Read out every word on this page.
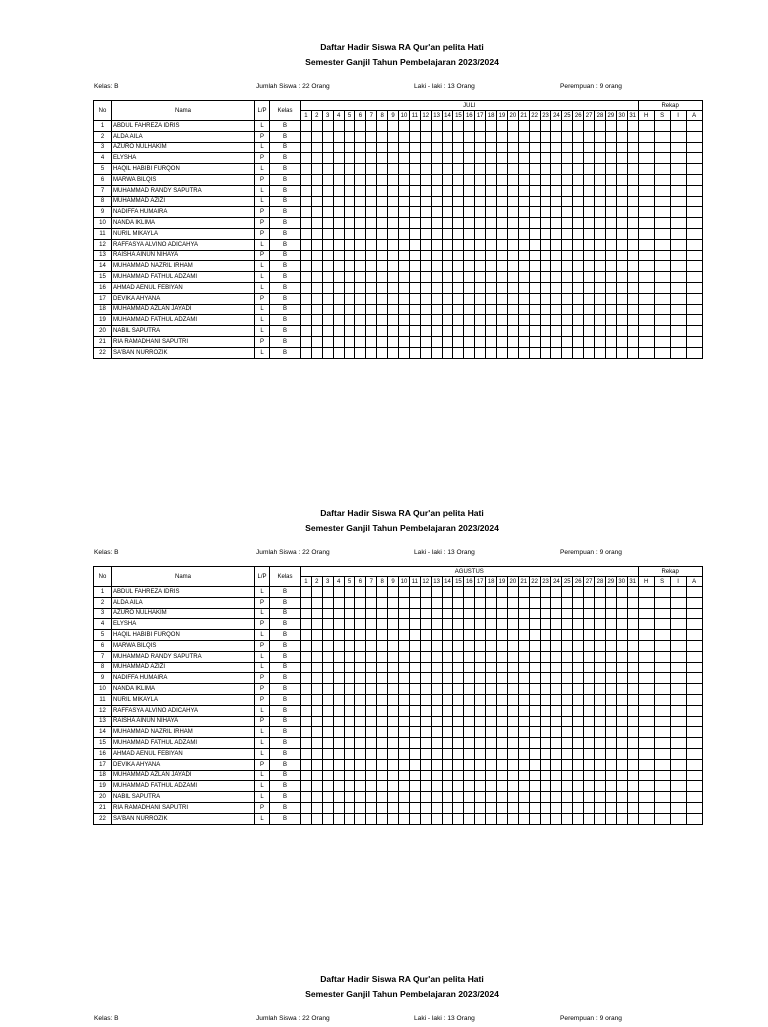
Daftar Hadir Siswa RA Qur'an pelita Hati
Semester Ganjil Tahun Pembelajaran 2023/2024
Kelas: B	Jumlah Siswa : 22 Orang	Laki - laki : 13 Orang	Perempuan : 9 orang
No	Nama	L/P	Kelas	JULI																															Rekap			
				1	2	3	4	5	6	7	8	9	10	11	12	13	14	15	16	17	18	19	20	21	22	23	24	25	26	27	28	29	30	31	H	S	I	A
1	ABDUL FAHREZA IDRIS	L	B																																			
2	ALDA AILA	P	B																																			
3	AZURO NULHAKIM	L	B																																			
4	ELYSHA	P	B																																			
5	HAQIL HABIBI FURQON	L	B																																			
6	MARWA BILQIS	P	B																																			
7	MUHAMMAD RANDY SAPUTRA	L	B																																			
8	MUHAMMAD AZIZI	L	B																																			
9	NADIFFA HUMAIRA	P	B																																			
10	NANDA IKLIMA	P	B																																			
11	NURIL MIKAYLA	P	B																																			
12	RAFFASYA ALVINO ADICAHYA	L	B																																			
13	RAISHA AINUN NIHAYA	P	B																																			
14	MUHAMMAD NAZRIL IRHAM	L	B																																			
15	MUHAMMAD FATHUL ADZAMI	L	B																																			
16	AHMAD AENUL FEBIYAN	L	B																																			
17	DEVIKA AHYANA	P	B																																			
18	MUHAMMAD AZLAN JAYADI	L	B																																			
19	MUHAMMAD FATHUL ADZAMI	L	B																																			
20	NABIL SAPUTRA	L	B																																			
21	RIA RAMADHANI SAPUTRI	P	B																																			
22	SA'BAN NURROZIK	L	B																																			
Daftar Hadir Siswa RA Qur'an pelita Hati
Semester Ganjil Tahun Pembelajaran 2023/2024
Kelas: B	Jumlah Siswa : 22 Orang	Laki - laki : 13 Orang	Perempuan : 9 orang
No	Nama	L/P	Kelas	AGUSTUS																															Rekap			
				1	2	3	4	5	6	7	8	9	10	11	12	13	14	15	16	17	18	19	20	21	22	23	24	25	26	27	28	29	30	31	H	S	I	A
1	ABDUL FAHREZA IDRIS	L	B																																			
2	ALDA AILA	P	B																																			
3	AZURO NULHAKIM	L	B																																			
4	ELYSHA	P	B																																			
5	HAQIL HABIBI FURQON	L	B																																			
6	MARWA BILQIS	P	B																																			
7	MUHAMMAD RANDY SAPUTRA	L	B																																			
8	MUHAMMAD AZIZI	L	B																																			
9	NADIFFA HUMAIRA	P	B																																			
10	NANDA IKLIMA	P	B																																			
11	NURIL MIKAYLA	P	B																																			
12	RAFFASYA ALVINO ADICAHYA	L	B																																			
13	RAISHA AINUN NIHAYA	P	B																																			
14	MUHAMMAD NAZRIL IRHAM	L	B																																			
15	MUHAMMAD FATHUL ADZAMI	L	B																																			
16	AHMAD AENUL FEBIYAN	L	B																																			
17	DEVIKA AHYANA	P	B																																			
18	MUHAMMAD AZLAN JAYADI	L	B																																			
19	MUHAMMAD FATHUL ADZAMI	L	B																																			
20	NABIL SAPUTRA	L	B																																			
21	RIA RAMADHANI SAPUTRI	P	B																																			
22	SA'BAN NURROZIK	L	B																																			
Daftar Hadir Siswa RA Qur'an pelita Hati
Semester Ganjil Tahun Pembelajaran 2023/2024
Kelas: B	Jumlah Siswa : 22 Orang	Laki - laki : 13 Orang	Perempuan : 9 orang
